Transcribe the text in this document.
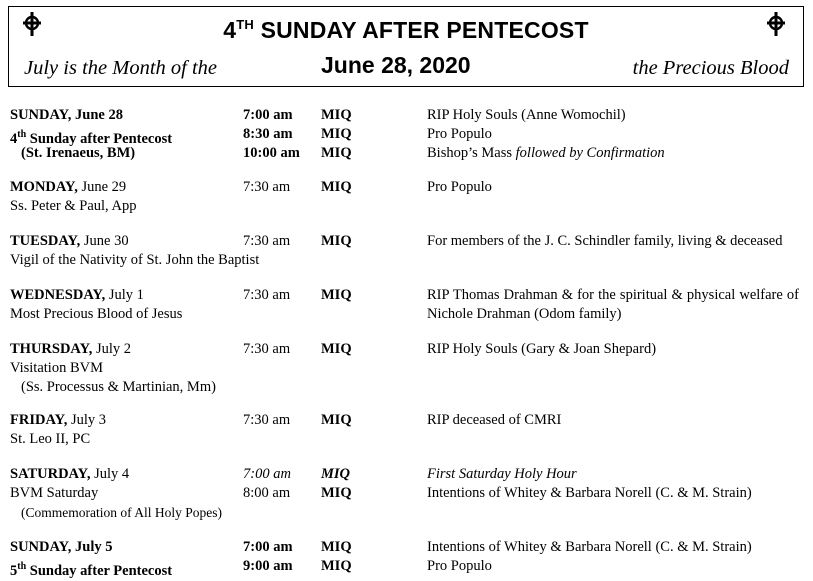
4TH SUNDAY AFTER PENTECOST
July is the Month of the	June 28, 2020	the Precious Blood
SUNDAY, June 28	7:00 am MIQ	RIP Holy Souls (Anne Womochil)
4th Sunday after Pentecost	8:30 am MIQ	Pro Populo
(St. Irenaeus, BM)	10:00 am MIQ	Bishop’s Mass followed by Confirmation
MONDAY, June 29	7:30 am MIQ	Pro Populo
Ss. Peter & Paul, App
TUESDAY, June 30	7:30 am MIQ	For members of the J. C. Schindler family, living & deceased
Vigil of the Nativity of St. John the Baptist
WEDNESDAY, July 1	7:30 am MIQ	RIP Thomas Drahman & for the spiritual & physical welfare of Nichole Drahman (Odom family)
Most Precious Blood of Jesus
THURSDAY, July 2	7:30 am MIQ	RIP Holy Souls (Gary & Joan Shepard)
Visitation BVM
(Ss. Processus & Martinian, Mm)
FRIDAY, July 3	7:30 am MIQ	RIP deceased of CMRI
St. Leo II, PC
SATURDAY, July 4	7:00 am MIQ	First Saturday Holy Hour
BVM Saturday	8:00 am MIQ	Intentions of Whitey & Barbara Norell (C. & M. Strain)
(Commemoration of All Holy Popes)
SUNDAY, July 5	7:00 am MIQ	Intentions of Whitey & Barbara Norell (C. & M. Strain)
5th Sunday after Pentecost	9:00 am MIQ	Pro Populo
